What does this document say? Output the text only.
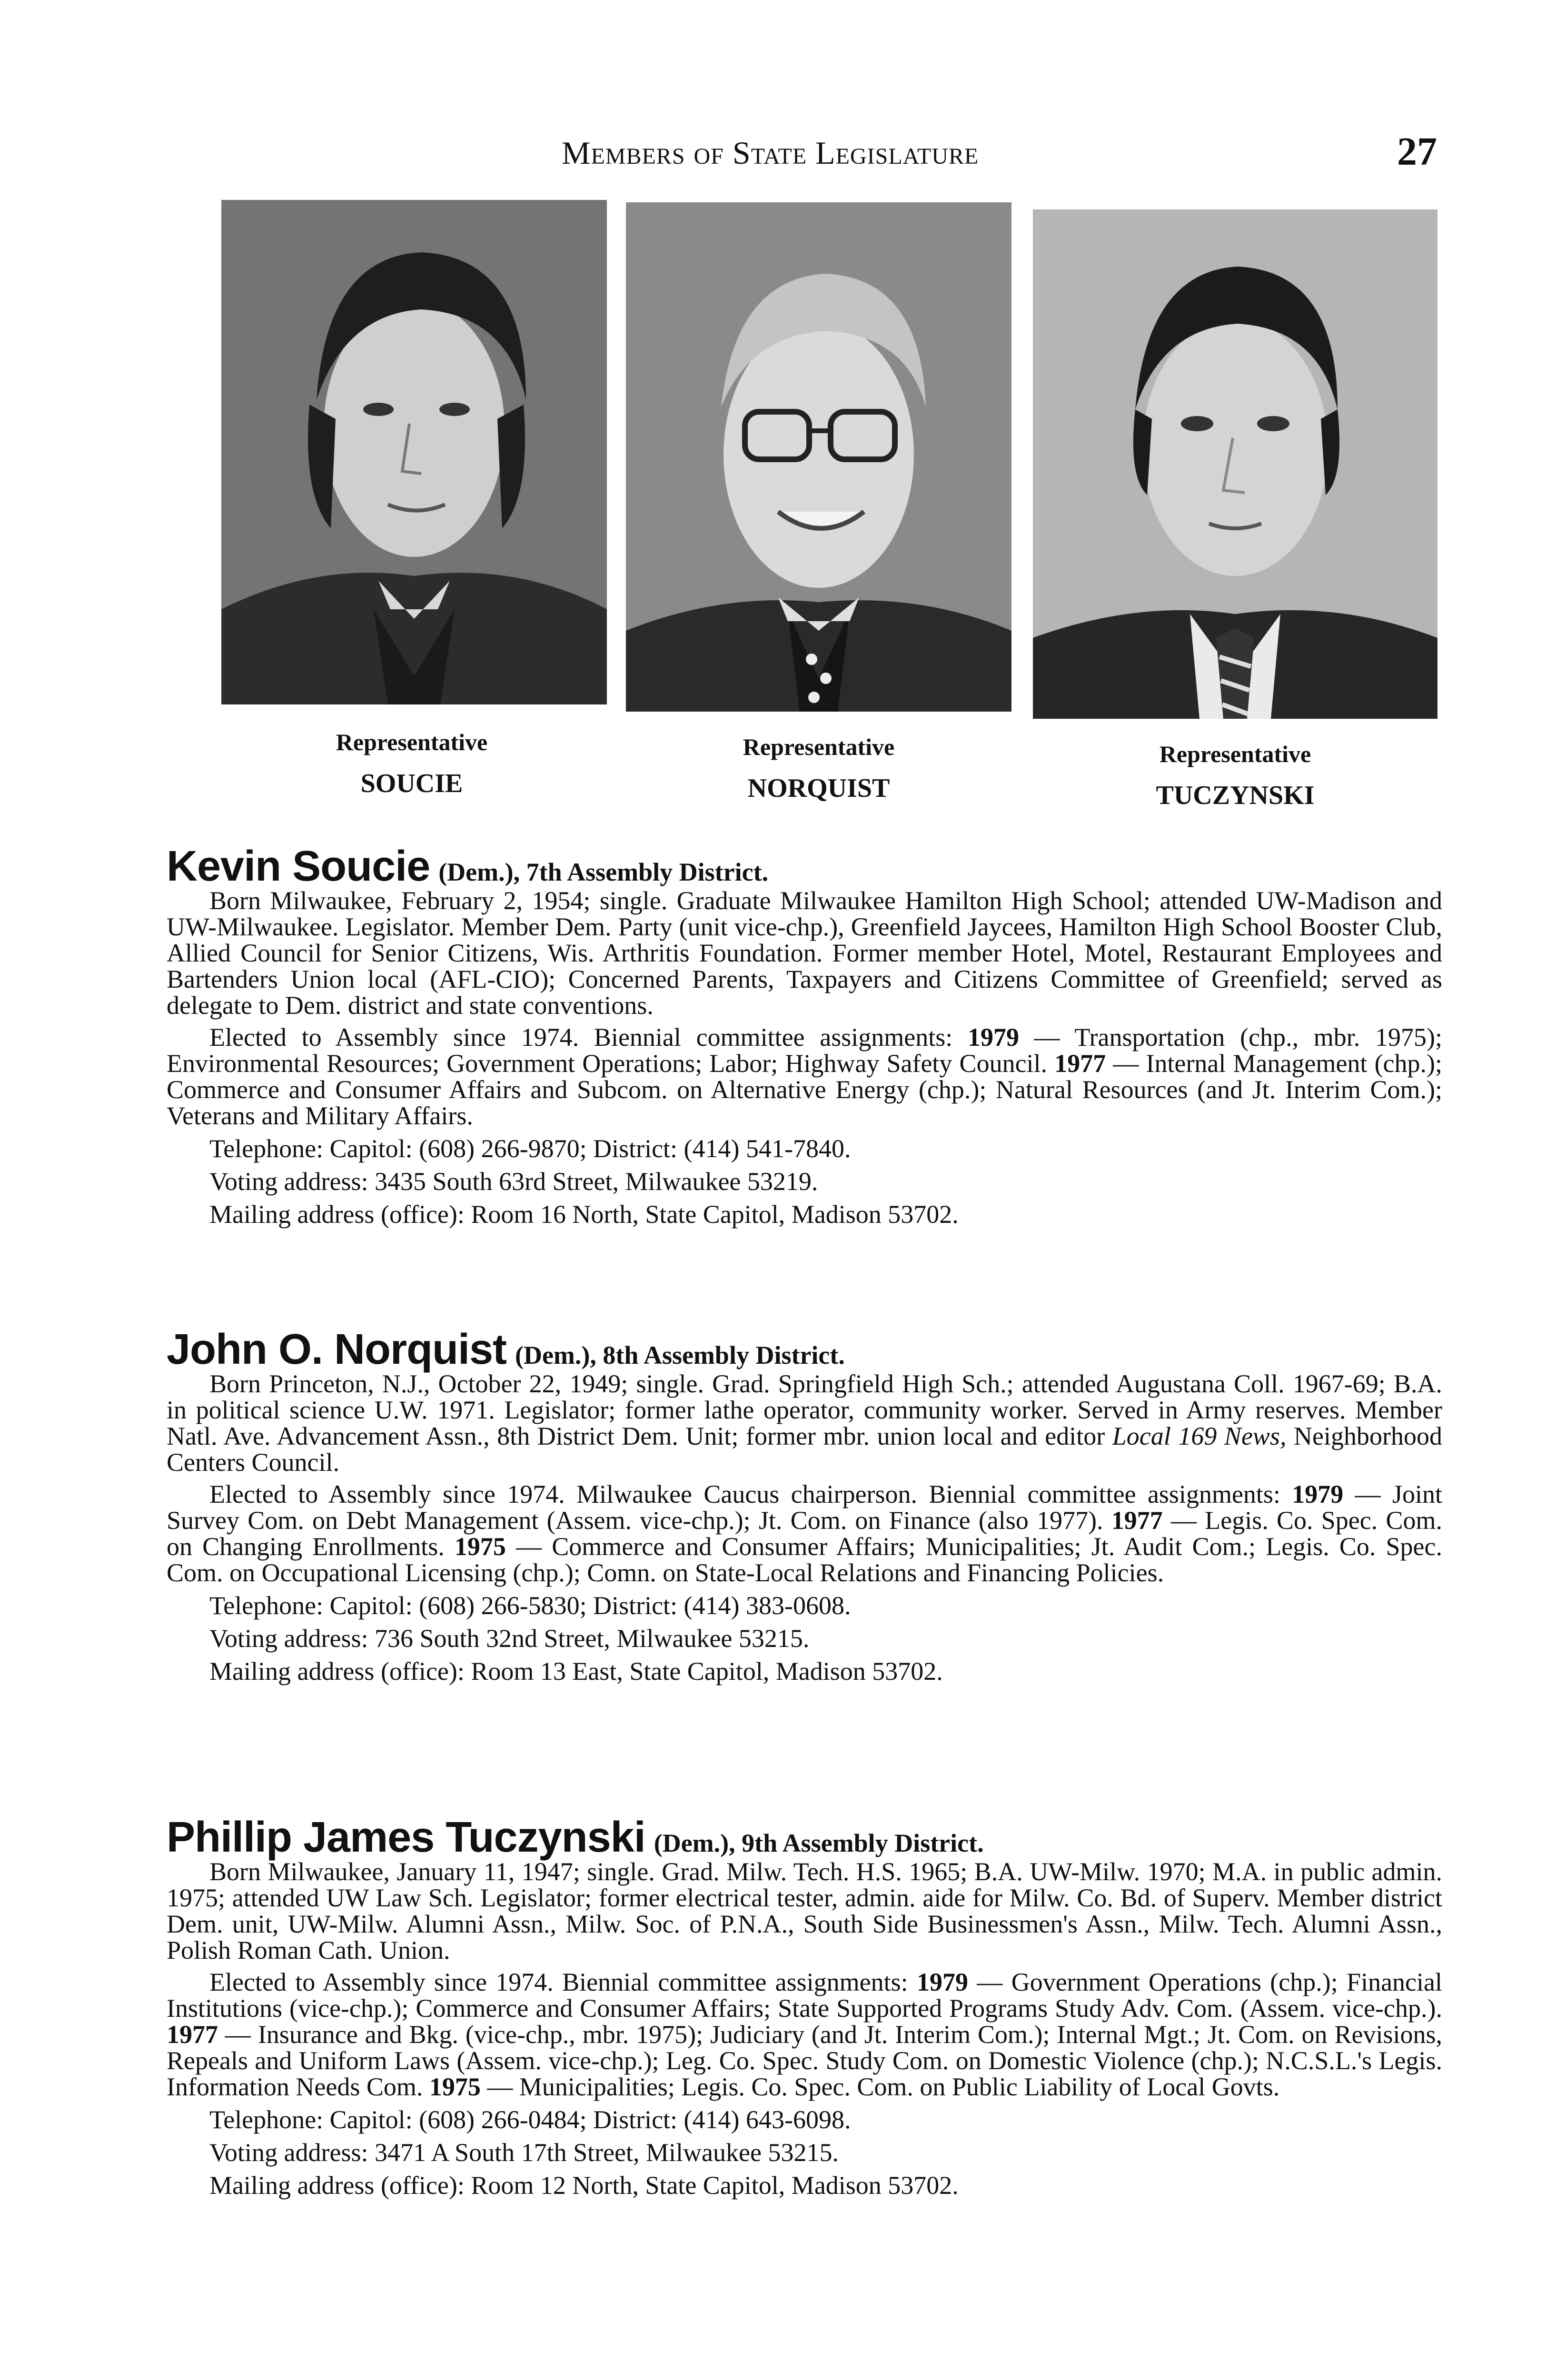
Members of State Legislature	27
Representative
SOUCIE
Representative
NORQUIST
Representative
TUCZYNSKI
Kevin Soucie (Dem.), 7th Assembly District.

Born Milwaukee, February 2, 1954; single. Graduate Milwaukee Hamilton High School; attended UW-Madison and UW-Milwaukee. Legislator. Member Dem. Party (unit vice-chp.), Greenfield Jaycees, Hamilton High School Booster Club, Allied Council for Senior Citizens, Wis. Arthritis Foundation. Former member Hotel, Motel, Restaurant Employees and Bartenders Union local (AFL-CIO); Concerned Parents, Taxpayers and Citizens Committee of Greenfield; served as delegate to Dem. district and state conventions.

Elected to Assembly since 1974. Biennial committee assignments: 1979 — Transportation (chp., mbr. 1975); Environmental Resources; Government Operations; Labor; Highway Safety Council. 1977 — Internal Management (chp.); Commerce and Consumer Affairs and Subcom. on Alternative Energy (chp.); Natural Resources (and Jt. Interim Com.); Veterans and Military Affairs.

Telephone: Capitol: (608) 266-9870; District: (414) 541-7840.

Voting address: 3435 South 63rd Street, Milwaukee 53219.

Mailing address (office): Room 16 North, State Capitol, Madison 53702.

John O. Norquist (Dem.), 8th Assembly District.

Born Princeton, N.J., October 22, 1949; single. Grad. Springfield High Sch.; attended Augustana Coll. 1967-69; B.A. in political science U.W. 1971. Legislator; former lathe operator, community worker. Served in Army reserves. Member Natl. Ave. Advancement Assn., 8th District Dem. Unit; former mbr. union local and editor Local 169 News, Neighborhood Centers Council.

Elected to Assembly since 1974. Milwaukee Caucus chairperson. Biennial committee assignments: 1979 — Joint Survey Com. on Debt Management (Assem. vice-chp.); Jt. Com. on Finance (also 1977). 1977 — Legis. Co. Spec. Com. on Changing Enrollments. 1975 — Commerce and Consumer Affairs; Municipalities; Jt. Audit Com.; Legis. Co. Spec. Com. on Occupational Licensing (chp.); Comn. on State-Local Relations and Financing Policies.

Telephone: Capitol: (608) 266-5830; District: (414) 383-0608.

Voting address: 736 South 32nd Street, Milwaukee 53215.

Mailing address (office): Room 13 East, State Capitol, Madison 53702.

Phillip James Tuczynski (Dem.), 9th Assembly District.

Born Milwaukee, January 11, 1947; single. Grad. Milw. Tech. H.S. 1965; B.A. UW-Milw. 1970; M.A. in public admin. 1975; attended UW Law Sch. Legislator; former electrical tester, admin. aide for Milw. Co. Bd. of Superv. Member district Dem. unit, UW-Milw. Alumni Assn., Milw. Soc. of P.N.A., South Side Businessmen's Assn., Milw. Tech. Alumni Assn., Polish Roman Cath. Union.

Elected to Assembly since 1974. Biennial committee assignments: 1979 — Government Operations (chp.); Financial Institutions (vice-chp.); Commerce and Consumer Affairs; State Supported Programs Study Adv. Com. (Assem. vice-chp.). 1977 — Insurance and Bkg. (vice-chp., mbr. 1975); Judiciary (and Jt. Interim Com.); Internal Mgt.; Jt. Com. on Revisions, Repeals and Uniform Laws (Assem. vice-chp.); Leg. Co. Spec. Study Com. on Domestic Violence (chp.); N.C.S.L.'s Legis. Information Needs Com. 1975 — Municipalities; Legis. Co. Spec. Com. on Public Liability of Local Govts.

Telephone: Capitol: (608) 266-0484; District: (414) 643-6098.

Voting address: 3471 A South 17th Street, Milwaukee 53215.

Mailing address (office): Room 12 North, State Capitol, Madison 53702.
